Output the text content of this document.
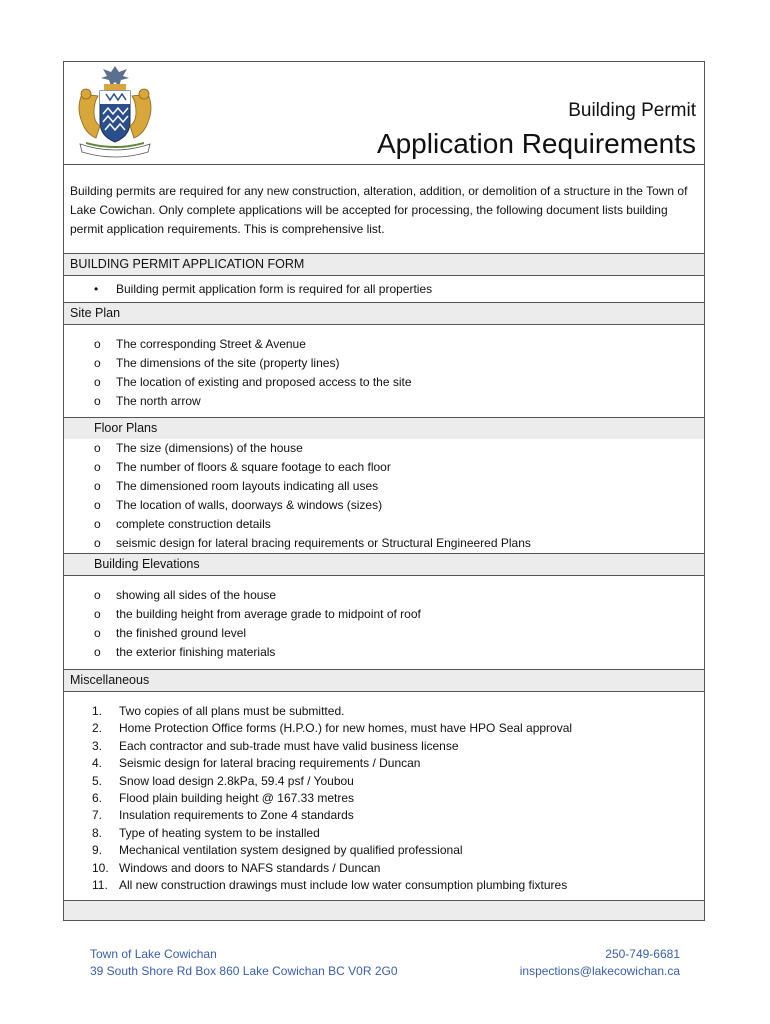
Building Permit
Application Requirements
Building permits are required for any new construction, alteration, addition, or demolition of a structure in the Town of Lake Cowichan. Only complete applications will be accepted for processing, the following document lists building permit application requirements. This is comprehensive list.
BUILDING PERMIT APPLICATION FORM
• Building permit application form is required for all properties
Site Plan
o The corresponding Street & Avenue
o The dimensions of the site (property lines)
o The location of existing and proposed access to the site
o The north arrow
Floor Plans
o The size (dimensions) of the house
o The number of floors & square footage to each floor
o The dimensioned room layouts indicating all uses
o The location of walls, doorways & windows (sizes)
o complete construction details
o seismic design for lateral bracing requirements or Structural Engineered Plans
Building Elevations
o showing all sides of the house
o the building height from average grade to midpoint of roof
o the finished ground level
o the exterior finishing materials
Miscellaneous
1.	Two copies of all plans must be submitted.
2.	Home Protection Office forms (H.P.O.) for new homes, must have HPO Seal approval
3.	Each contractor and sub-trade must have valid business license
4.	Seismic design for lateral bracing requirements / Duncan
5.	Snow load design 2.8kPa, 59.4 psf / Youbou
6.	Flood plain building height @ 167.33 metres
7.	Insulation requirements to Zone 4 standards
8.	Type of heating system to be installed
9.	Mechanical ventilation system designed by qualified professional
10. Windows and doors to NAFS standards / Duncan
11. All new construction drawings must include low water consumption plumbing fixtures
Town of Lake Cowichan
39 South Shore Rd Box 860 Lake Cowichan BC V0R 2G0
250-749-6681
inspections@lakecowichan.ca
